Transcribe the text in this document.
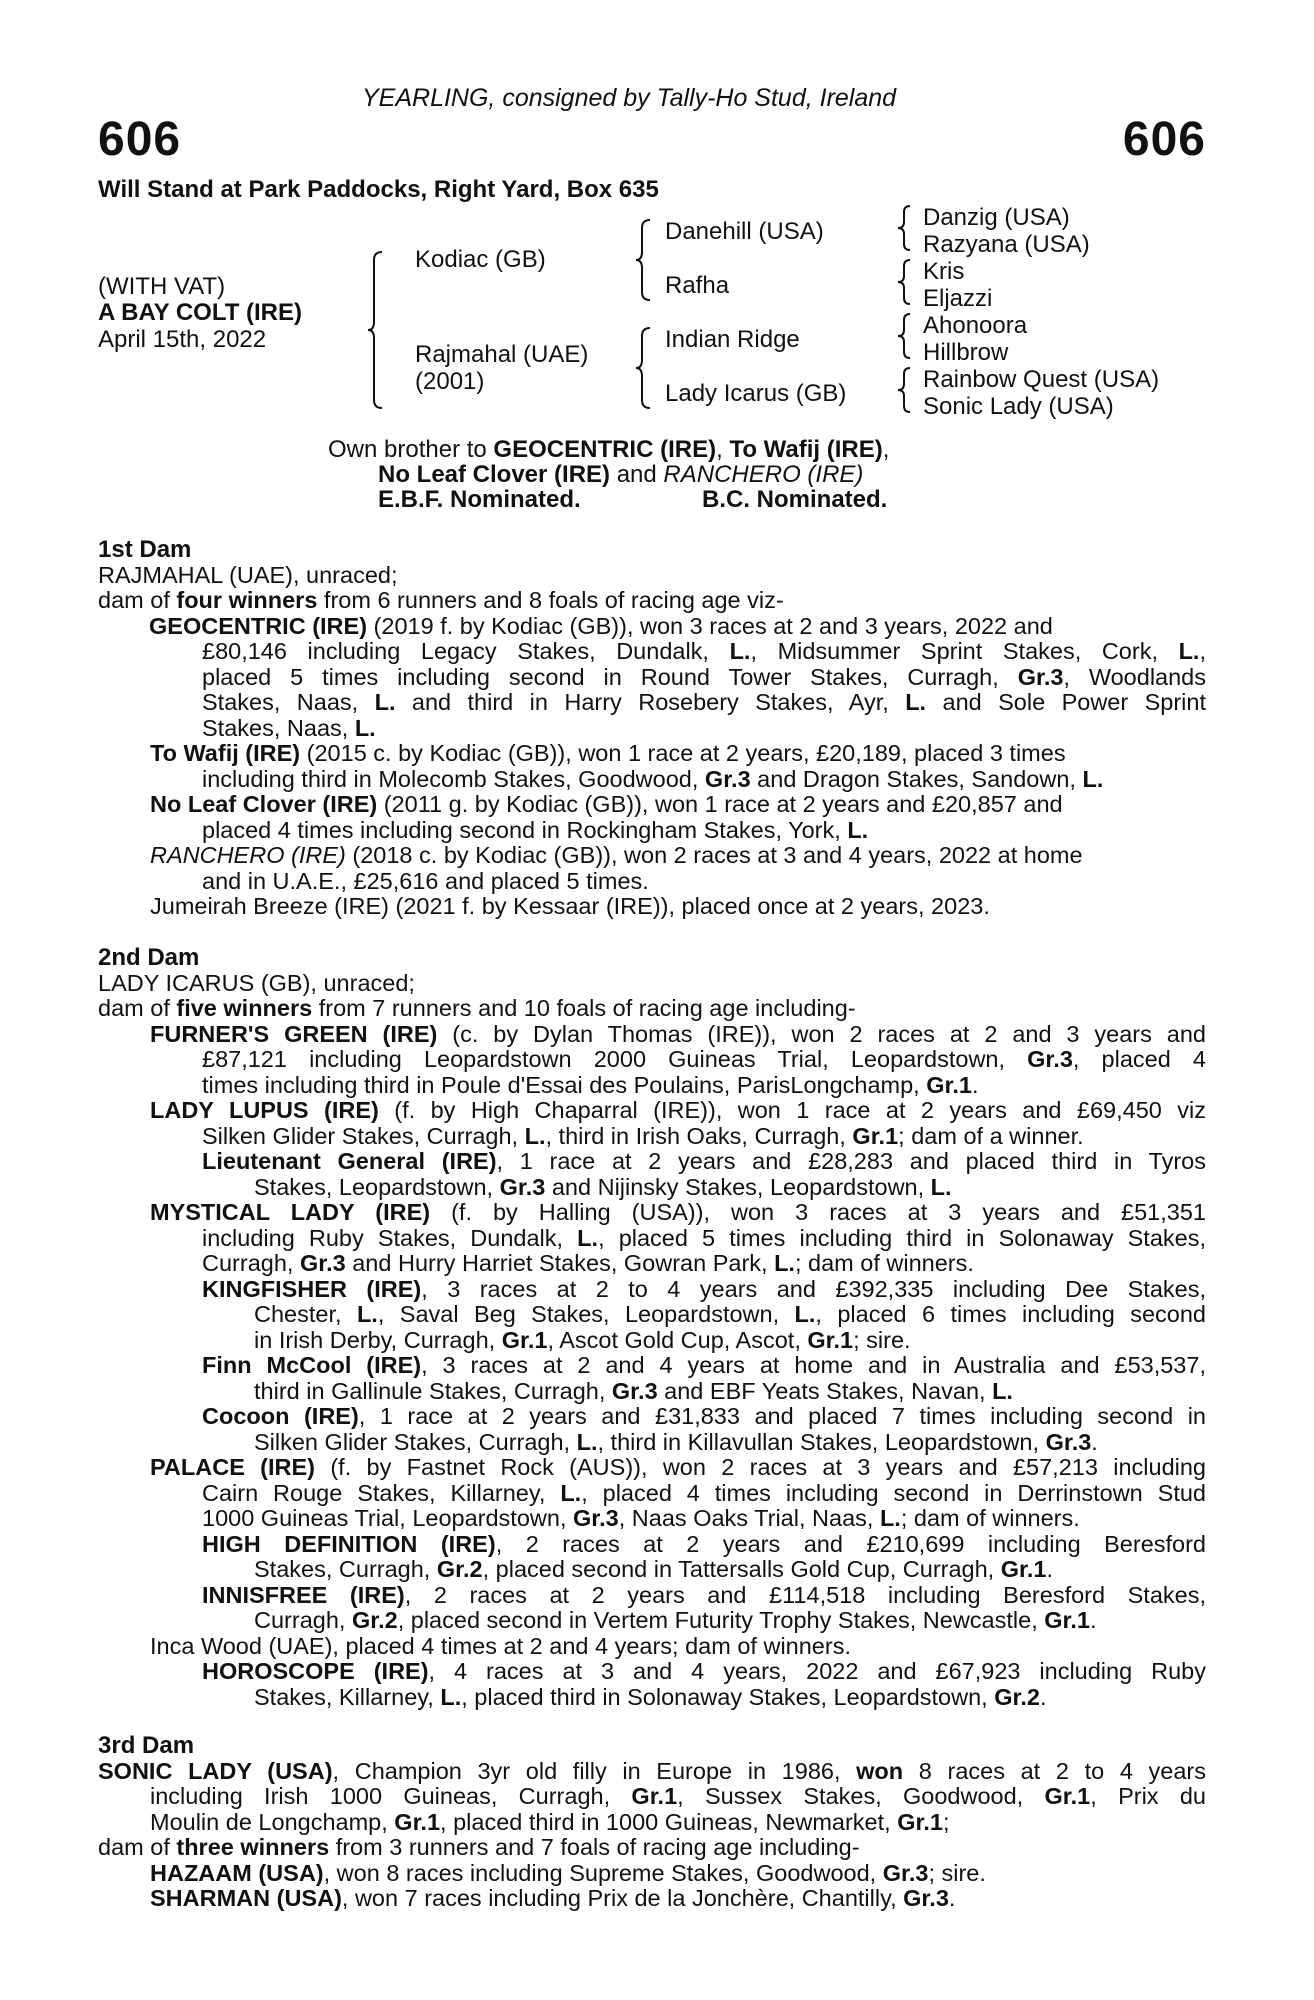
YEARLING, consigned by Tally-Ho Stud, Ireland
606	606
Will Stand at Park Paddocks, Right Yard, Box 635
(WITH VAT)
A BAY COLT (IRE)
April 15th, 2022
Kodiac (GB)
Rajmahal (UAE)
(2001)
Danehill (USA)
Rafha
Indian Ridge
Lady Icarus (GB)
Danzig (USA)
Razyana (USA)
Kris
Eljazzi
Ahonoora
Hillbrow
Rainbow Quest (USA)
Sonic Lady (USA)
Own brother to GEOCENTRIC (IRE), To Wafij (IRE),
No Leaf Clover (IRE) and RANCHERO (IRE)
E.B.F. Nominated.	B.C. Nominated.
1st Dam
RAJMAHAL (UAE), unraced;
dam of four winners from 6 runners and 8 foals of racing age viz-
GEOCENTRIC (IRE) (2019 f. by Kodiac (GB)), won 3 races at 2 and 3 years, 2022 and
£80,146 including Legacy Stakes, Dundalk, L., Midsummer Sprint Stakes, Cork, L.,
placed 5 times including second in Round Tower Stakes, Curragh, Gr.3, Woodlands
Stakes, Naas, L. and third in Harry Rosebery Stakes, Ayr, L. and Sole Power Sprint
Stakes, Naas, L.
To Wafij (IRE) (2015 c. by Kodiac (GB)), won 1 race at 2 years, £20,189, placed 3 times
including third in Molecomb Stakes, Goodwood, Gr.3 and Dragon Stakes, Sandown, L.
No Leaf Clover (IRE) (2011 g. by Kodiac (GB)), won 1 race at 2 years and £20,857 and
placed 4 times including second in Rockingham Stakes, York, L.
RANCHERO (IRE) (2018 c. by Kodiac (GB)), won 2 races at 3 and 4 years, 2022 at home
and in U.A.E., £25,616 and placed 5 times.
Jumeirah Breeze (IRE) (2021 f. by Kessaar (IRE)), placed once at 2 years, 2023.
2nd Dam
LADY ICARUS (GB), unraced;
dam of five winners from 7 runners and 10 foals of racing age including-
FURNER'S GREEN (IRE) (c. by Dylan Thomas (IRE)), won 2 races at 2 and 3 years and
£87,121 including Leopardstown 2000 Guineas Trial, Leopardstown, Gr.3, placed 4
times including third in Poule d'Essai des Poulains, ParisLongchamp, Gr.1.
LADY LUPUS (IRE) (f. by High Chaparral (IRE)), won 1 race at 2 years and £69,450 viz
Silken Glider Stakes, Curragh, L., third in Irish Oaks, Curragh, Gr.1; dam of a winner.
Lieutenant General (IRE), 1 race at 2 years and £28,283 and placed third in Tyros
Stakes, Leopardstown, Gr.3 and Nijinsky Stakes, Leopardstown, L.
MYSTICAL LADY (IRE) (f. by Halling (USA)), won 3 races at 3 years and £51,351
including Ruby Stakes, Dundalk, L., placed 5 times including third in Solonaway Stakes,
Curragh, Gr.3 and Hurry Harriet Stakes, Gowran Park, L.; dam of winners.
KINGFISHER (IRE), 3 races at 2 to 4 years and £392,335 including Dee Stakes,
Chester, L., Saval Beg Stakes, Leopardstown, L., placed 6 times including second
in Irish Derby, Curragh, Gr.1, Ascot Gold Cup, Ascot, Gr.1; sire.
Finn McCool (IRE), 3 races at 2 and 4 years at home and in Australia and £53,537,
third in Gallinule Stakes, Curragh, Gr.3 and EBF Yeats Stakes, Navan, L.
Cocoon (IRE), 1 race at 2 years and £31,833 and placed 7 times including second in
Silken Glider Stakes, Curragh, L., third in Killavullan Stakes, Leopardstown, Gr.3.
PALACE (IRE) (f. by Fastnet Rock (AUS)), won 2 races at 3 years and £57,213 including
Cairn Rouge Stakes, Killarney, L., placed 4 times including second in Derrinstown Stud
1000 Guineas Trial, Leopardstown, Gr.3, Naas Oaks Trial, Naas, L.; dam of winners.
HIGH DEFINITION (IRE), 2 races at 2 years and £210,699 including Beresford
Stakes, Curragh, Gr.2, placed second in Tattersalls Gold Cup, Curragh, Gr.1.
INNISFREE (IRE), 2 races at 2 years and £114,518 including Beresford Stakes,
Curragh, Gr.2, placed second in Vertem Futurity Trophy Stakes, Newcastle, Gr.1.
Inca Wood (UAE), placed 4 times at 2 and 4 years; dam of winners.
HOROSCOPE (IRE), 4 races at 3 and 4 years, 2022 and £67,923 including Ruby
Stakes, Killarney, L., placed third in Solonaway Stakes, Leopardstown, Gr.2.
3rd Dam
SONIC LADY (USA), Champion 3yr old filly in Europe in 1986, won 8 races at 2 to 4 years
including Irish 1000 Guineas, Curragh, Gr.1, Sussex Stakes, Goodwood, Gr.1, Prix du
Moulin de Longchamp, Gr.1, placed third in 1000 Guineas, Newmarket, Gr.1;
dam of three winners from 3 runners and 7 foals of racing age including-
HAZAAM (USA), won 8 races including Supreme Stakes, Goodwood, Gr.3; sire.
SHARMAN (USA), won 7 races including Prix de la Jonchère, Chantilly, Gr.3.
